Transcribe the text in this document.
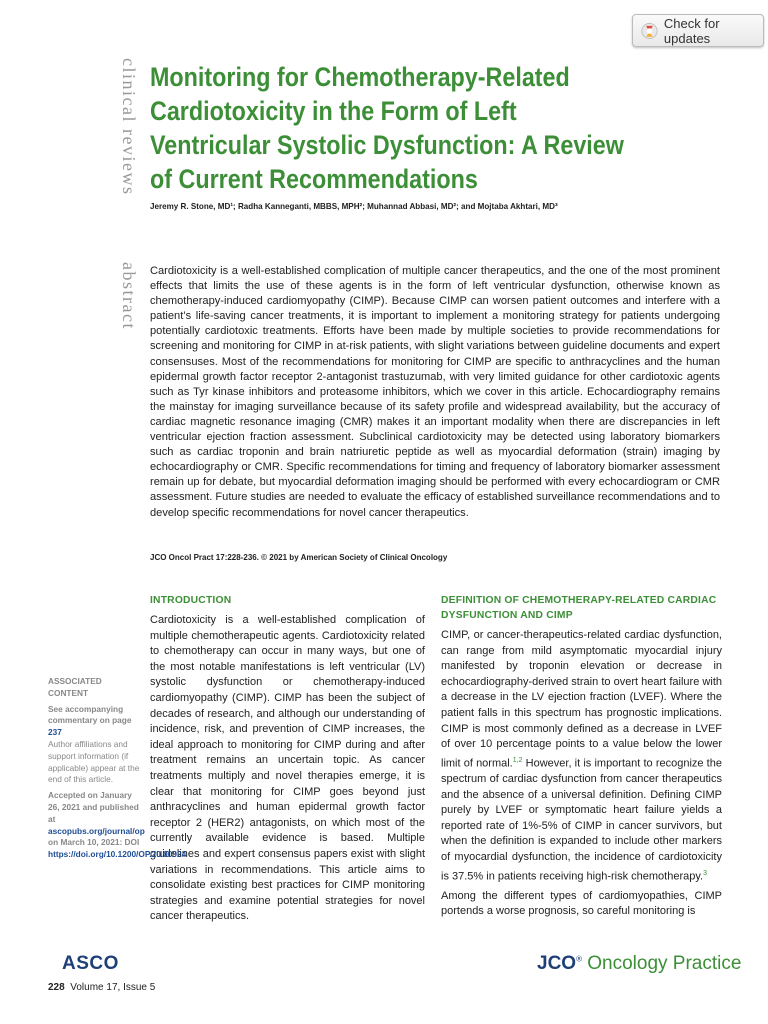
Check for updates
clinical reviews
abstract
Monitoring for Chemotherapy-Related Cardiotoxicity in the Form of Left Ventricular Systolic Dysfunction: A Review of Current Recommendations
Jeremy R. Stone, MD¹; Radha Kanneganti, MBBS, MPH²; Muhannad Abbasi, MD²; and Mojtaba Akhtari, MD³

Cardiotoxicity is a well-established complication of multiple cancer therapeutics, and the one of the most prominent effects that limits the use of these agents is in the form of left ventricular dysfunction, otherwise known as chemotherapy-induced cardiomyopathy (CIMP). Because CIMP can worsen patient outcomes and interfere with a patient’s life-saving cancer treatments, it is important to implement a monitoring strategy for patients undergoing potentially cardiotoxic treatments. Efforts have been made by multiple societies to provide recommendations for screening and monitoring for CIMP in at-risk patients, with slight variations between guideline documents and expert consensuses. Most of the recommendations for monitoring for CIMP are specific to anthracyclines and the human epidermal growth factor receptor 2-antagonist trastuzumab, with very limited guidance for other cardiotoxic agents such as Tyr kinase inhibitors and proteasome inhibitors, which we cover in this article. Echocardiography remains the mainstay for imaging surveillance because of its safety profile and widespread availability, but the accuracy of cardiac magnetic resonance imaging (CMR) makes it an important modality when there are discrepancies in left ventricular ejection fraction assessment. Subclinical cardiotoxicity may be detected using laboratory biomarkers such as cardiac troponin and brain natriuretic peptide as well as myocardial deformation (strain) imaging by echocardiography or CMR. Specific recommendations for timing and frequency of laboratory biomarker assessment remain up for debate, but myocardial deformation imaging should be performed with every echocardiogram or CMR assessment. Future studies are needed to evaluate the efficacy of established surveillance recommendations and to develop specific recommendations for novel cancer therapeutics.

JCO Oncol Pract 17:228-236. © 2021 by American Society of Clinical Oncology
INTRODUCTION

Cardiotoxicity is a well-established complication of multiple chemotherapeutic agents. Cardiotoxicity related to chemotherapy can occur in many ways, but one of the most notable manifestations is left ventricular (LV) systolic dysfunction or chemotherapy-induced cardiomyopathy (CIMP). CIMP has been the subject of decades of research, and although our understanding of incidence, risk, and prevention of CIMP increases, the ideal approach to monitoring for CIMP during and after treatment remains an uncertain topic. As cancer treatments multiply and novel therapies emerge, it is clear that monitoring for CIMP goes beyond just anthracyclines and human epidermal growth factor receptor 2 (HER2) antagonists, on which most of the currently available evidence is based. Multiple guidelines and expert consensus papers exist with slight variations in recommendations. This article aims to consolidate existing best practices for CIMP monitoring strategies and examine potential strategies for novel cancer therapeutics.

DEFINITION OF CHEMOTHERAPY-RELATED CARDIAC DYSFUNCTION AND CIMP

CIMP, or cancer-therapeutics-related cardiac dysfunction, can range from mild asymptomatic myocardial injury manifested by troponin elevation or decrease in echocardiography-derived strain to overt heart failure with a decrease in the LV ejection fraction (LVEF). Where the patient falls in this spectrum has prognostic implications. CIMP is most commonly defined as a decrease in LVEF of over 10 percentage points to a value below the lower limit of normal.$^{1,2}$ However, it is important to recognize the spectrum of cardiac dysfunction from cancer therapeutics and the absence of a universal definition. Defining CIMP purely by LVEF or symptomatic heart failure yields a reported rate of 1%-5% of CIMP in cancer survivors, but when the definition is expanded to include other markers of myocardial dysfunction, the incidence of cardiotoxicity is 37.5% in patients receiving high-risk chemotherapy.$^3$

Among the different types of cardiomyopathies, CIMP portends a worse prognosis, so careful monitoring is

ASSOCIATED CONTENT
See accompanying commentary on page 237
Author affiliations and support information (if applicable) appear at the end of this article.
Accepted on January 26, 2021 and published at ascopubs.org/journal/op on March 10, 2021: DOI https://doi.org/10.1200/OP.20.00924
ASCO	JCO® Oncology Practice
228 Volume 17, Issue 5
